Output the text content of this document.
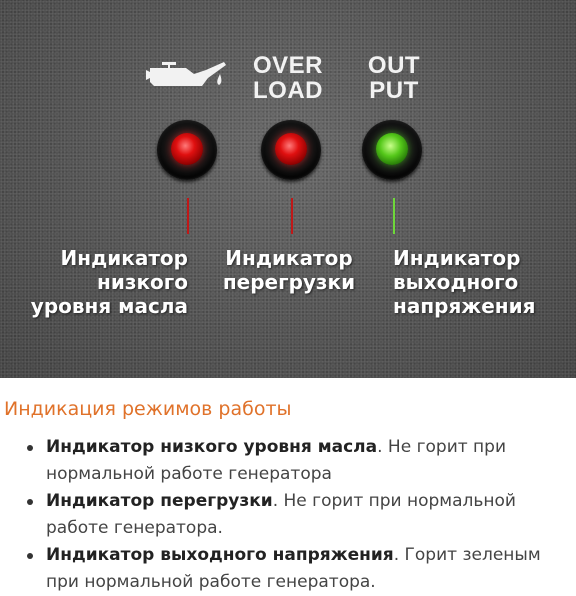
OVER
LOAD
OUT
PUT
Индикатор
низкого
уровня масла
Индикатор
перегрузки
Индикатор
выходного
напряжения
Индикация режимов работы
Индикатор низкого уровня масла. Не горит при нормальной работе генератора
Индикатор перегрузки. Не горит при нормальной работе генератора.
Индикатор выходного напряжения. Горит зеленым при нормальной работе генератора.
